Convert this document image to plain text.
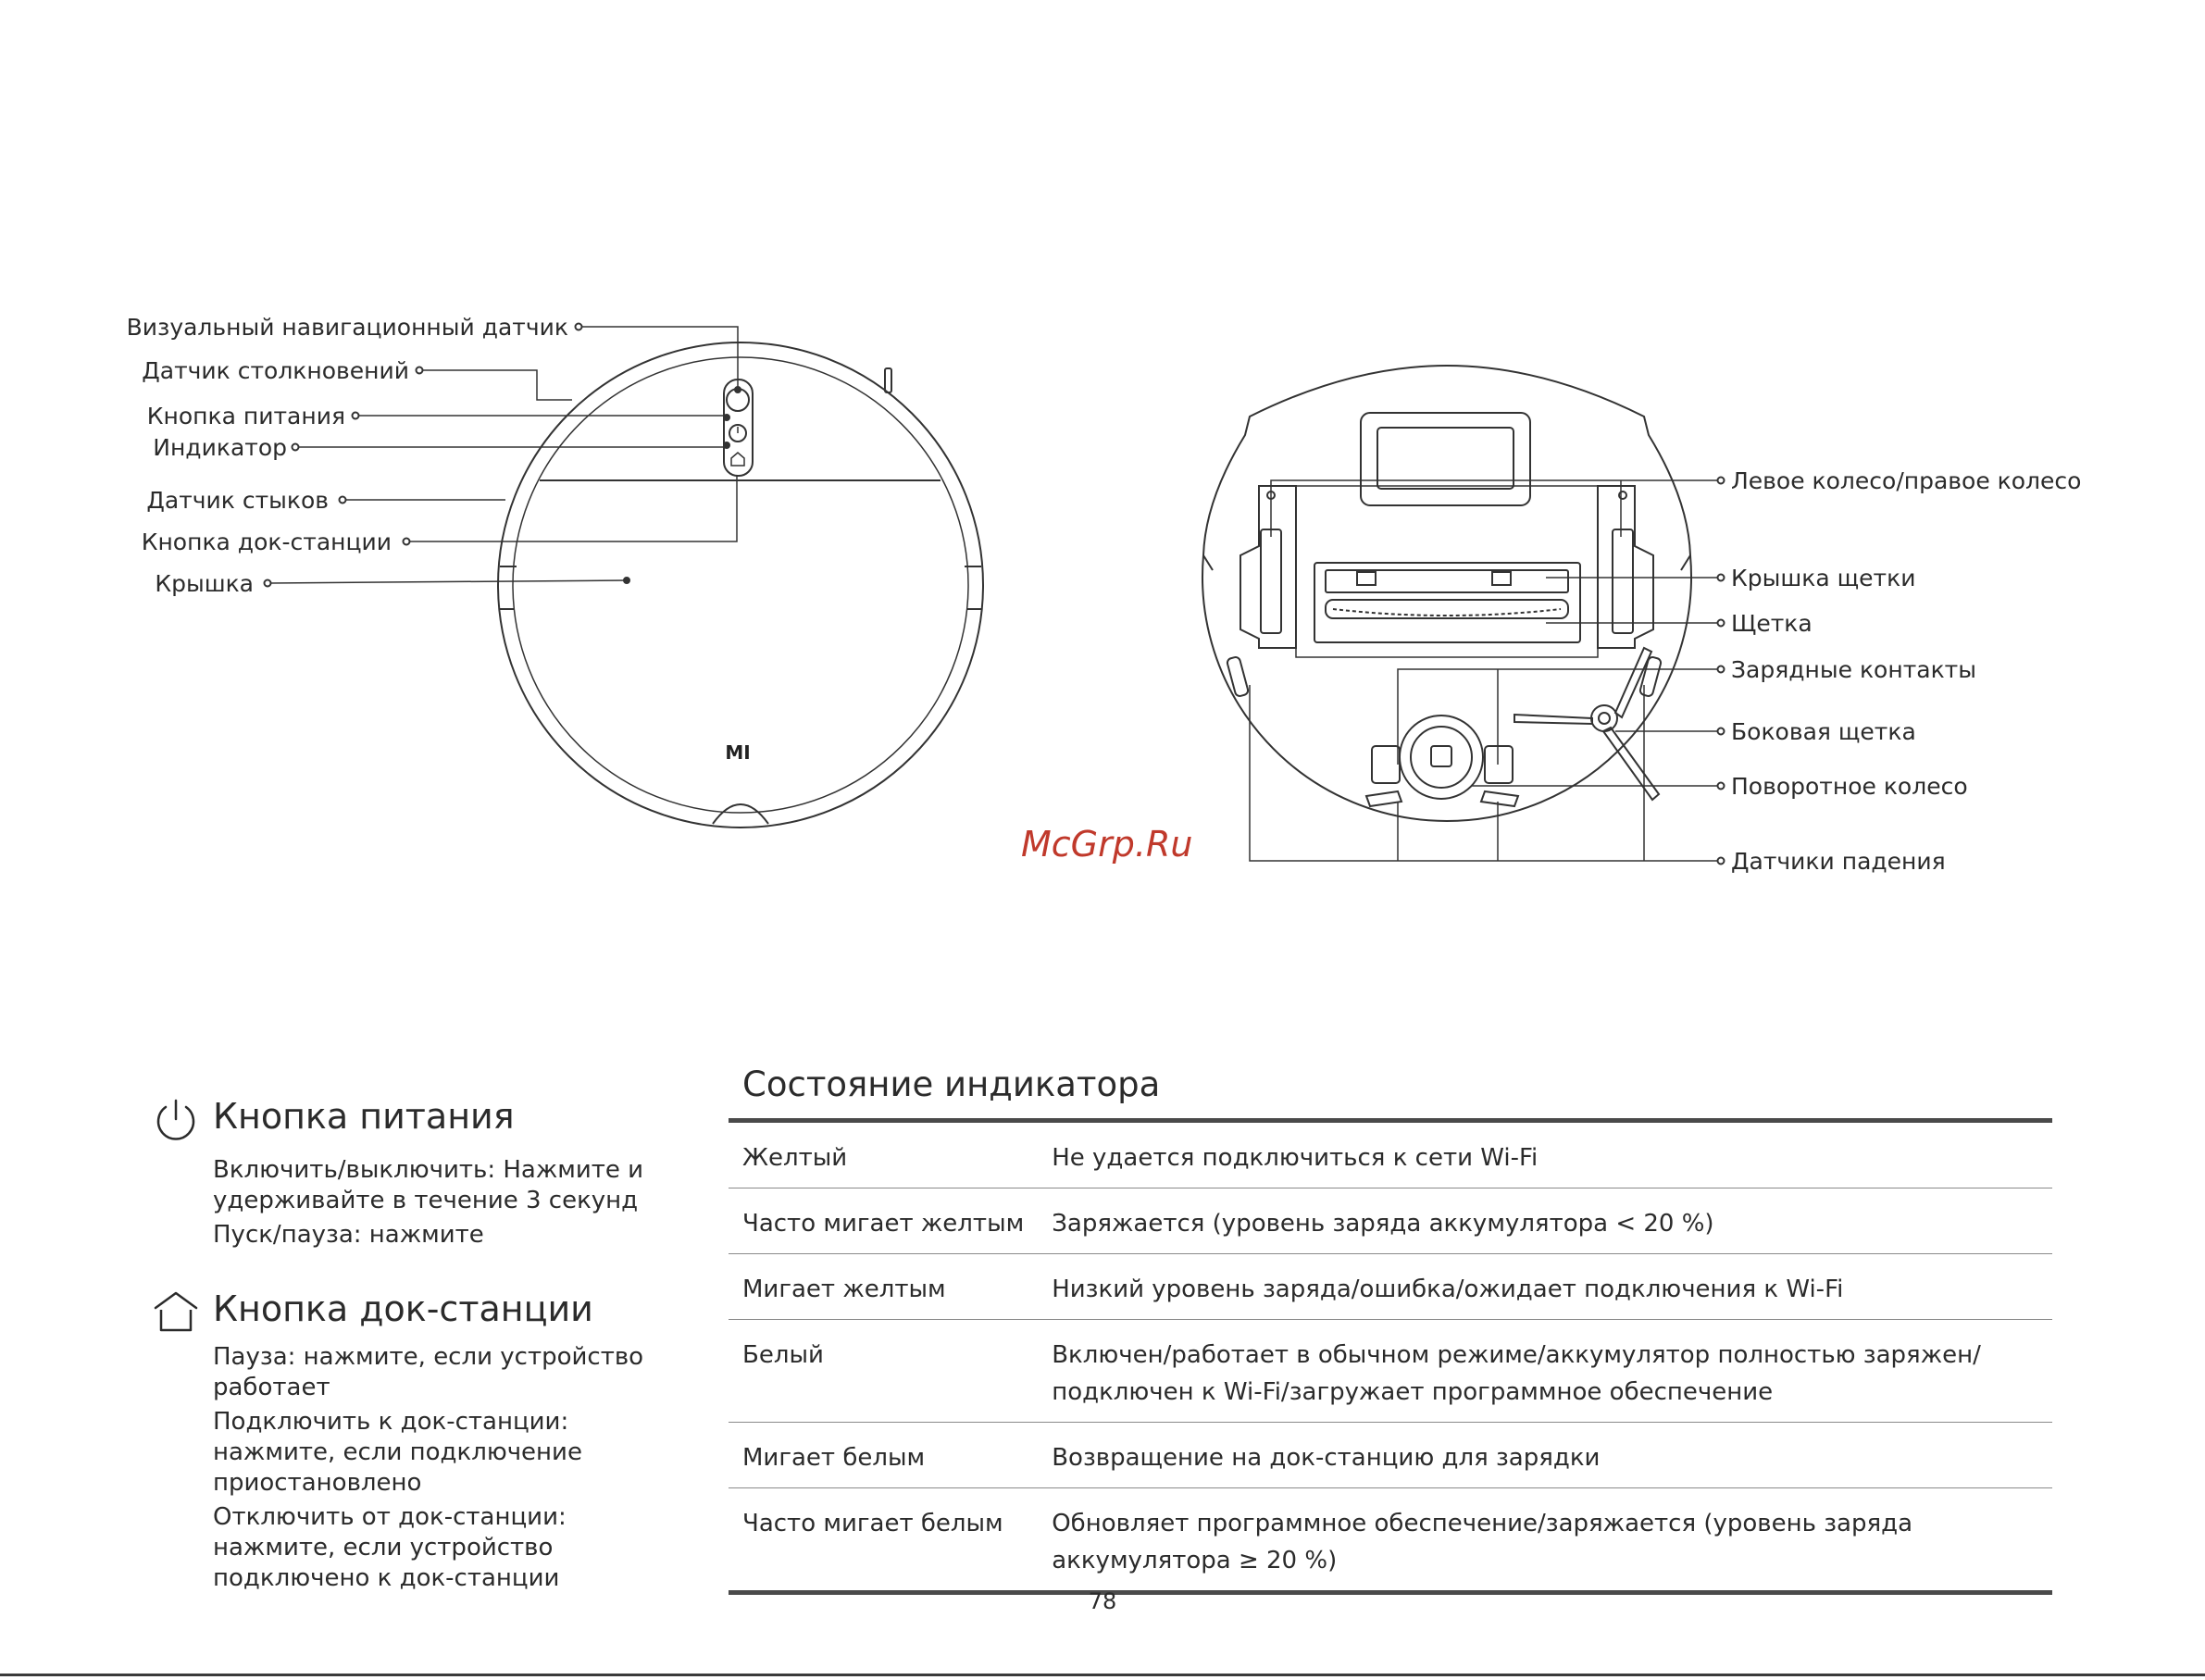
MI
Визуальный навигационный датчик
Датчик столкновений
Кнопка питания
Индикатор
Датчик стыков
Кнопка док-станции
Крышка
Левое колесо/правое колесо
Крышка щетки
Щетка
Зарядные контакты
Боковая щетка
Поворотное колесо
Датчики падения
McGrp.Ru
Кнопка питания
Включить/выключить: Нажмите и удерживайте в течение 3 секунд
Пуск/пауза: нажмите
Кнопка док-станции
Пауза: нажмите, если устройство работает
Подключить к док-станции: нажмите, если подключение приостановлено
Отключить от док-станции: нажмите, если устройство подключено к док-станции
Состояние индикатора
Желтый	Не удается подключиться к сети Wi-Fi
Часто мигает желтым	Заряжается (уровень заряда аккумулятора < 20 %)
Мигает желтым	Низкий уровень заряда/ошибка/ожидает подключения к Wi-Fi
Белый	Включен/работает в обычном режиме/аккумулятор полностью заряжен/подключен к Wi-Fi/загружает программное обеспечение
Мигает белым	Возвращение на док-станцию для зарядки
Часто мигает белым	Обновляет программное обеспечение/заряжается (уровень заряда аккумулятора ≥ 20 %)
78
